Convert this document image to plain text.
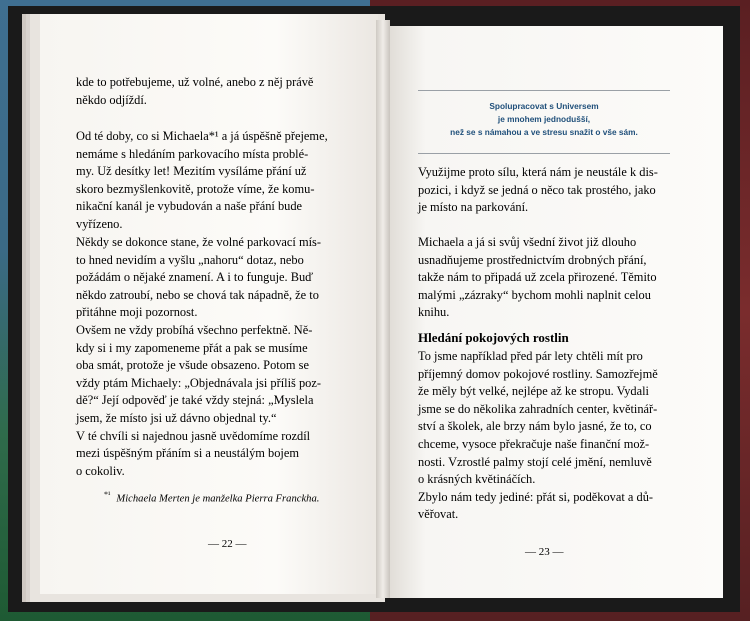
kde to potřebujeme, už volné, anebo z něj právě
někdo odjíždí.

Od té doby, co si Michaela*¹ a já úspěšně přejeme,
nemáme s hledáním parkovacího místa problé-
my. Už desítky let! Mezitím vysíláme přání už
skoro bezmyšlenkovitě, protože víme, že komu-
nikační kanál je vybudován a naše přání bude
vyřízeno.

Někdy se dokonce stane, že volné parkovací mís-
to hned nevidím a vyšlu „nahoru“ dotaz, nebo
požádám o nějaké znamení. A i to funguje. Buď
někdo zatroubí, nebo se chová tak nápadně, že to
přitáhne moji pozornost.

Ovšem ne vždy probíhá všechno perfektně. Ně-
kdy si i my zapomeneme přát a pak se musíme
oba smát, protože je všude obsazeno. Potom se
vždy ptám Michaely: „Objednávala jsi příliš poz-
dě?“ Její odpověď je také vždy stejná: „Myslela
jsem, že místo jsi už dávno objednal ty.“
V té chvíli si najednou jasně uvědomíme rozdíl
mezi úspěšným přáním si a neustálým bojem
o cokoliv.

$^{*^1}$ Michaela Merten je manželka Pierra Franckha.
— 22 —
Spolupracovat s Universem
je mnohem jednodušší,
než se s námahou a ve stresu snažit o vše sám.

Využijme proto sílu, která nám je neustále k dis-
pozici, i když se jedná o něco tak prostého, jako
je místo na parkování.

Michaela a já si svůj všední život již dlouho
usnadňujeme prostřednictvím drobných přání,
takže nám to připadá už zcela přirozené. Těmito
malými „zázraky“ bychom mohli naplnit celou
knihu.

Hledání pokojových rostlin

To jsme například před pár lety chtěli mít pro
příjemný domov pokojové rostliny. Samozřejmě
že měly být velké, nejlépe až ke stropu. Vydali
jsme se do několika zahradních center, květinář-
ství a školek, ale brzy nám bylo jasné, že to, co
chceme, vysoce překračuje naše finanční mož-
nosti. Vzrostlé palmy stojí celé jmění, nemluvě
o krásných květináčích.
Zbylo nám tedy jediné: přát si, poděkovat a dů-
věřovat.

— 23 —
